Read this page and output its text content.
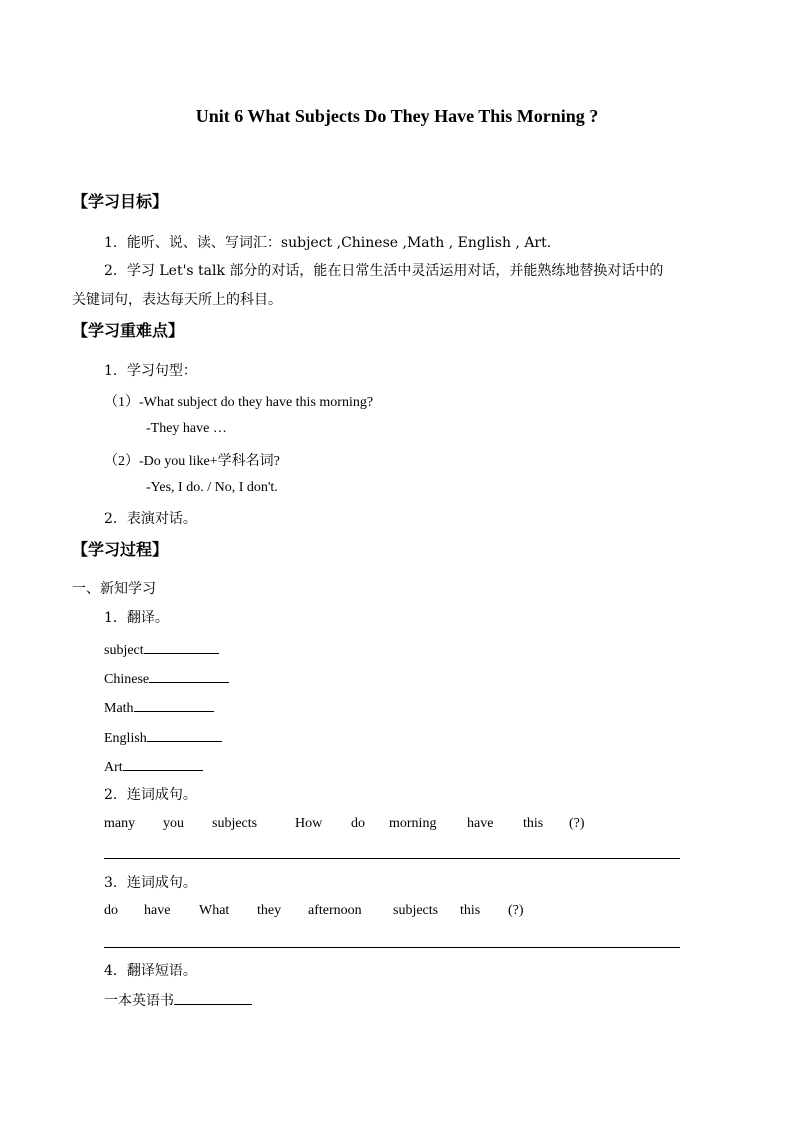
Unit 6 What Subjects Do They Have This Morning ?
【学习目标】
1．能听、说、读、写词汇：subject ,Chinese ,Math , English , Art.
2．学习 Let's talk 部分的对话，能在日常生活中灵活运用对话，并能熟练地替换对话中的
关键词句，表达每天所上的科目。
【学习重难点】
1．学习句型：
（1）-What subject do they have this morning?
-They have …
（2）-Do you like+学科名词?
-Yes, I do. / No, I don't.
2．表演对话。
【学习过程】
一、新知学习
1．翻译。
subject
Chinese
Math
English
Art
2．连词成句。
many you subjects	How do morning have this (?)
3．连词成句。
do have What they afternoon subjects this (?)
4．翻译短语。
一本英语书
